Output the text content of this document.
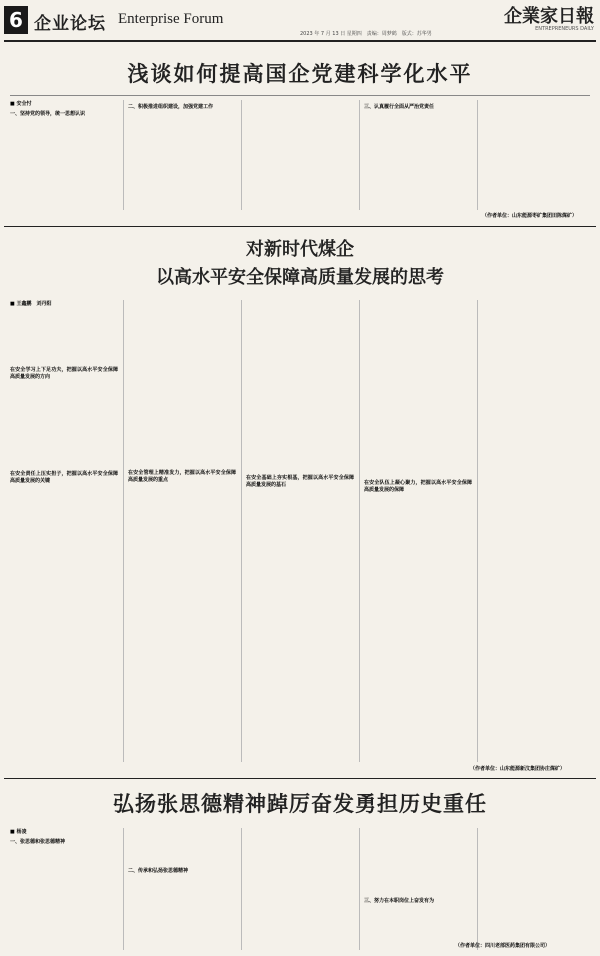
6 企业论坛 Enterprise Forum	企業家日報
ENTREPRENEURS DAILY
2023 年 7 月 13 日 星期四　责编：周梦鹤　版式：苏华男
浅谈如何提高国企党建科学化水平
■ 安全忖
一、坚持党的领导，统一思想认识
二、积极推进组织建设，加强党建工作	三、认真履行全面从严治党责任
（作者单位：山东能源枣矿集团田陈煤矿）
对新时代煤企
以高水平安全保障高质量发展的思考
■ 王鑫鹏　刘丹阳
在安全学习上下足功夫，把握以高水平安全保障高质量发展的方向
在安全责任上压实担子，把握以高水平安全保障高质量发展的关键
在安全管理上精准发力，把握以高水平安全保障高质量发展的重点	在安全基础上夯实根基，把握以高水平安全保障高质量发展的基石	在安全队伍上凝心聚力，把握以高水平安全保障高质量发展的保障
（作者单位：山东能源新汶集团协庄煤矿）
弘扬张思德精神踔厉奋发勇担历史重任
■ 杨凌
一、张思德和张思德精神
二、传承和弘扬张思德精神
三、努力在本职岗位上奋发有为
（作者单位：四川老部医药集团有限公司）
